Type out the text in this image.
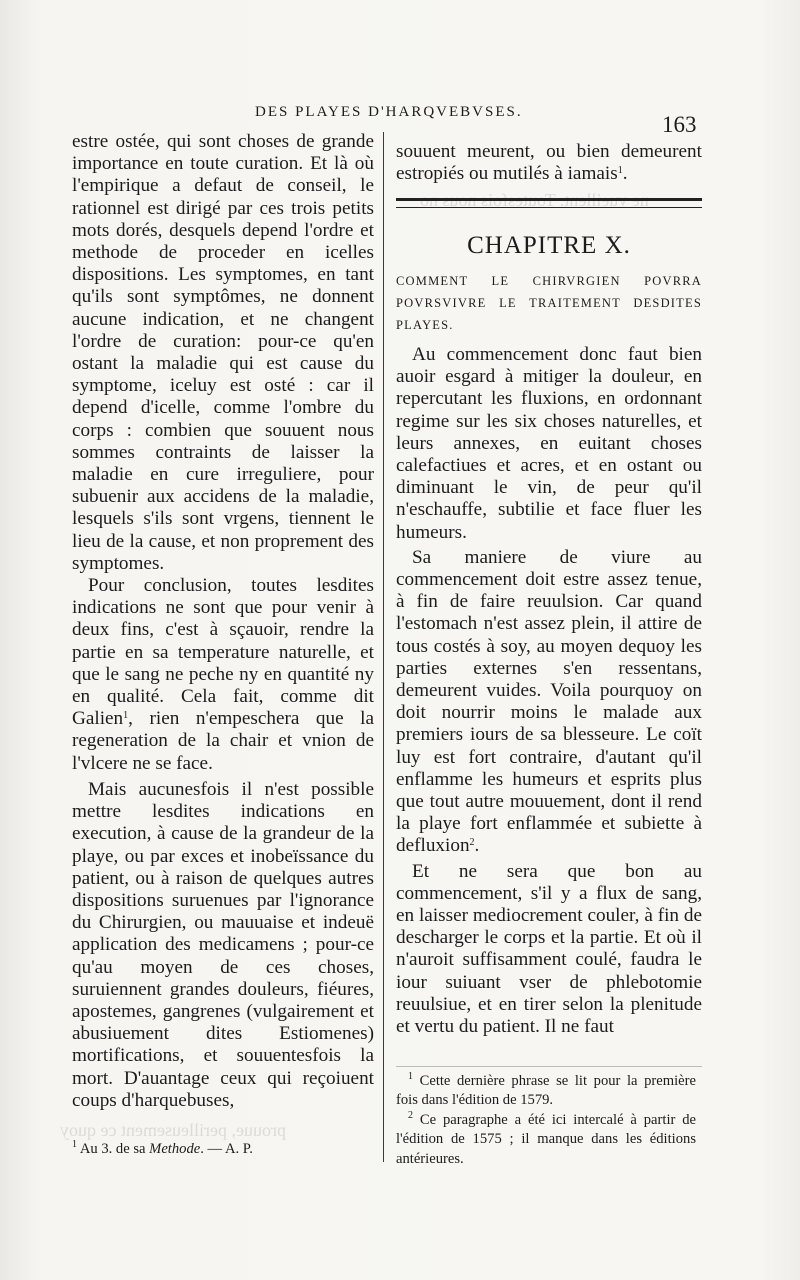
ne vueillent. Toutesfois nous no
prouue, perilleusement ce quoy
DES PLAYES D'HARQVEBVSES.	163

estre ostée, qui sont choses de grande importance en toute curation. Et là où l'empirique a defaut de conseil, le rationnel est dirigé par ces trois petits mots dorés, desquels depend l'ordre et methode de proceder en icelles dispositions. Les symptomes, en tant qu'ils sont symptômes, ne donnent aucune indication, et ne changent l'ordre de curation: pour-ce qu'en ostant la maladie qui est cause du symptome, iceluy est osté : car il depend d'icelle, comme l'ombre du corps : combien que souuent nous sommes contraints de laisser la maladie en cure irreguliere, pour subuenir aux accidens de la maladie, lesquels s'ils sont vrgens, tiennent le lieu de la cause, et non proprement des symptomes.

Pour conclusion, toutes lesdites indications ne sont que pour venir à deux fins, c'est à sçauoir, rendre la partie en sa temperature naturelle, et que le sang ne peche ny en quantité ny en qualité. Cela fait, comme dit Galien$^1$, rien n'empeschera que la regeneration de la chair et vnion de l'vlcere ne se face.

Mais aucunesfois il n'est possible mettre lesdites indications en execution, à cause de la grandeur de la playe, ou par exces et inobeïssance du patient, ou à raison de quelques autres dispositions suruenues par l'ignorance du Chirurgien, ou mauuaise et indeuë application des medicamens ; pour-ce qu'au moyen de ces choses, suruiennent grandes douleurs, fiéures, apostemes, gangrenes (vulgairement et abusiuement dites Estiomenes) mortifications, et souuentesfois la mort. D'auantage ceux qui reçoiuent coups d'harquebuses,

$^1$ Au 3. de sa Methode. — A. P.

souuent meurent, ou bien demeurent estropiés ou mutilés à iamais$^1$.

CHAPITRE X.
COMMENT LE CHIRVRGIEN POVRRA POVRSVIVRE LE TRAITEMENT DESDITES PLAYES.

Au commencement donc faut bien auoir esgard à mitiger la douleur, en repercutant les fluxions, en ordonnant regime sur les six choses naturelles, et leurs annexes, en euitant choses calefactiues et acres, et en ostant ou diminuant le vin, de peur qu'il n'eschauffe, subtilie et face fluer les humeurs.

Sa maniere de viure au commencement doit estre assez tenue, à fin de faire reuulsion. Car quand l'estomach n'est assez plein, il attire de tous costés à soy, au moyen dequoy les parties externes s'en ressentans, demeurent vuides. Voila pourquoy on doit nourrir moins le malade aux premiers iours de sa blesseure. Le coït luy est fort contraire, d'autant qu'il enflamme les humeurs et esprits plus que tout autre mouuement, dont il rend la playe fort enflammée et subiette à defluxion$^2$.

Et ne sera que bon au commencement, s'il y a flux de sang, en laisser mediocrement couler, à fin de descharger le corps et la partie. Et où il n'auroit suffisamment coulé, faudra le iour suiuant vser de phlebotomie reuulsiue, et en tirer selon la plenitude et vertu du patient. Il ne faut

$^1$ Cette dernière phrase se lit pour la première fois dans l'édition de 1579.

$^2$ Ce paragraphe a été ici intercalé à partir de l'édition de 1575 ; il manque dans les éditions antérieures.
